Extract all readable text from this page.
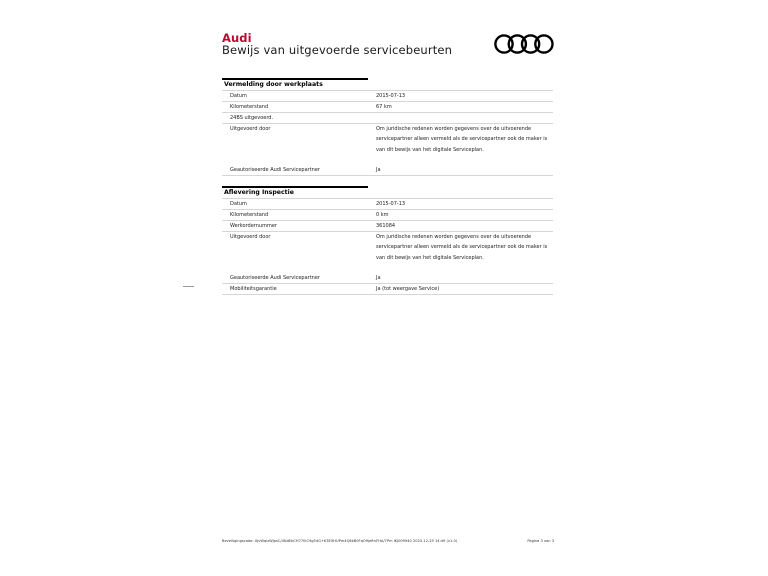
Audi
Bewijs van uitgevoerde servicebeurten
Vermelding door werkplaats
Datum	2015-07-13
Kilometerstand	67 km
24BS uitgevoerd.
Uitgevoerd door	Om juridische redenen worden gegevens over de uitvoerende
servicepartner alleen vermeld als de servicepartner ook de maker is
van dit bewijs van het digitale Serviceplan.
Geautoriseerde Audi Servicepartner	Ja
Aflevering Inspectie
Datum	2015-07-13
Kilometerstand	0 km
Werkordernummer	361084
Uitgevoerd door	Om juridische redenen worden gegevens over de uitvoerende
servicepartner alleen vermeld als de servicepartner ook de maker is
van dit bewijs van het digitale Serviceplan.
Geautoriseerde Audi Servicepartner	Ja
Mobiliteitsgarantie	Ja (tot weergave Service)
Beveiligingscode: XJvWqlzWJpsC/4NdEbCH77l0C9g54G+K3EXHUPm4Q6kB0FqO9jeftnFHA/7Pm IKJ009940 2025-12-29 14:49 (v1.0)	Pagina 3 van 3
